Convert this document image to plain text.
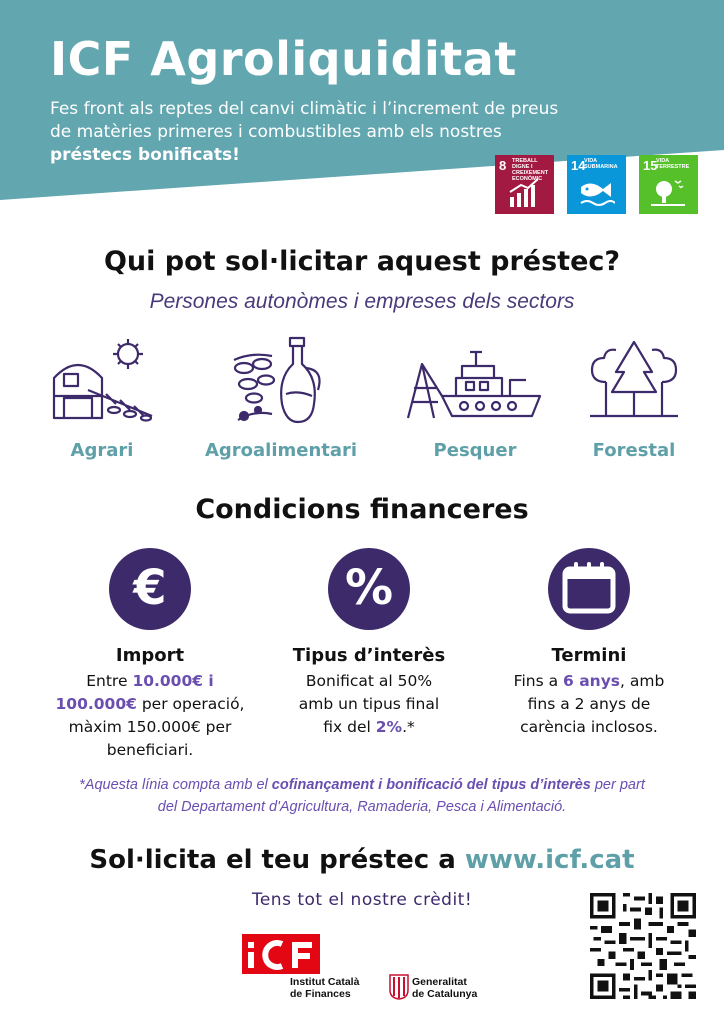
ICF Agroliquiditat
Fes front als reptes del canvi climàtic i l’increment de preus
de matèries primeres i combustibles amb els nostres
préstecs bonificats!
8 TREBALL DIGNE I CREIXEMENT ECONÒMIC
14
VIDA SUBMARINA	15
VIDA TERRESTRE
Qui pot sol·licitar aquest préstec?
Persones autonòmes i empreses dels sectors
Agrari	Agroalimentari	Pesquer	Forestal
Condicions financeres
€	%
Import
Entre 10.000€ i
100.000€ per operació,
màxim 150.000€ per
beneficiari.
Tipus d’interès
Bonificat al 50%
amb un tipus final
fix del 2%.*
Termini
Fins a 6 anys, amb
fins a 2 anys de
carència inclosos.
*Aquesta línia compta amb el cofinançament i bonificació del tipus d’interès per part
del Departament d'Agricultura, Ramaderia, Pesca i Alimentació.
Sol·licita el teu préstec a www.icf.cat
Tens tot el nostre crèdit!
Institut Català
de Finances
Generalitat
de Catalunya
